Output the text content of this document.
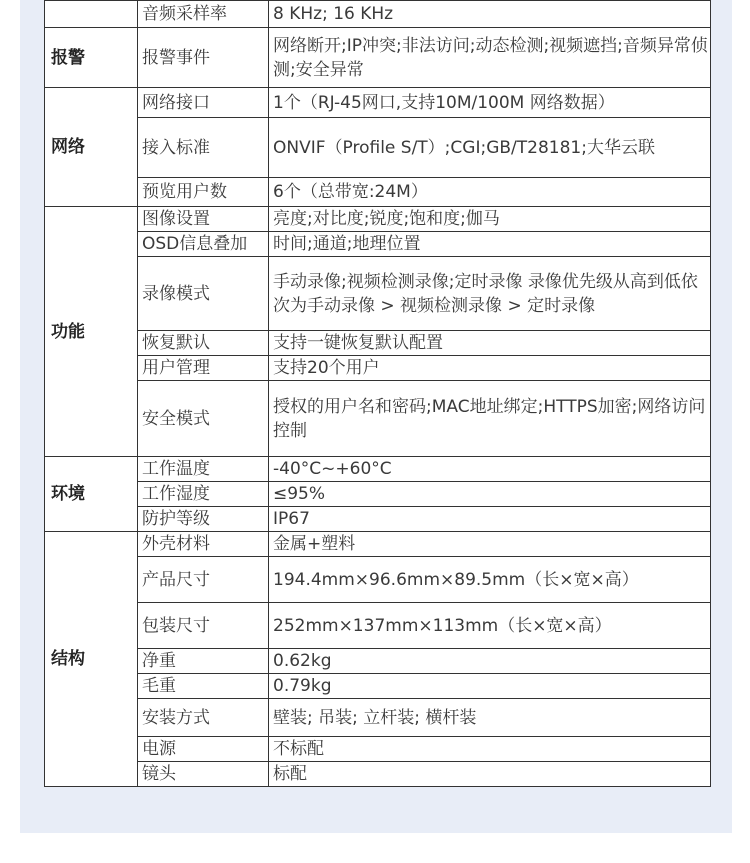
	音频采样率	8 KHz; 16 KHz
报警	报警事件	网络断开;IP冲突;非法访问;动态检测;视频遮挡;音频异常侦测;安全异常
网络	网络接口	1个（RJ-45网口,支持10M/100M 网络数据）
	接入标准	ONVIF（Profile S/T）;CGI;GB/T28181;大华云联
	预览用户数	6个（总带宽:24M）
功能	图像设置	亮度;对比度;锐度;饱和度;伽马
	OSD信息叠加	时间;通道;地理位置
	录像模式	手动录像;视频检测录像;定时录像 录像优先级从高到低依次为手动录像 > 视频检测录像 > 定时录像
	恢复默认	支持一键恢复默认配置
	用户管理	支持20个用户
	安全模式	授权的用户名和密码;MAC地址绑定;HTTPS加密;网络访问控制
环境	工作温度	-40°C~+60°C
	工作湿度	≤95%
	防护等级	IP67
结构	外壳材料	金属+塑料
	产品尺寸	194.4mm×96.6mm×89.5mm（长×宽×高）
	包装尺寸	252mm×137mm×113mm（长×宽×高）
	净重	0.62kg
	毛重	0.79kg
	安装方式	壁装; 吊装; 立杆装; 横杆装
	电源	不标配
	镜头	标配
